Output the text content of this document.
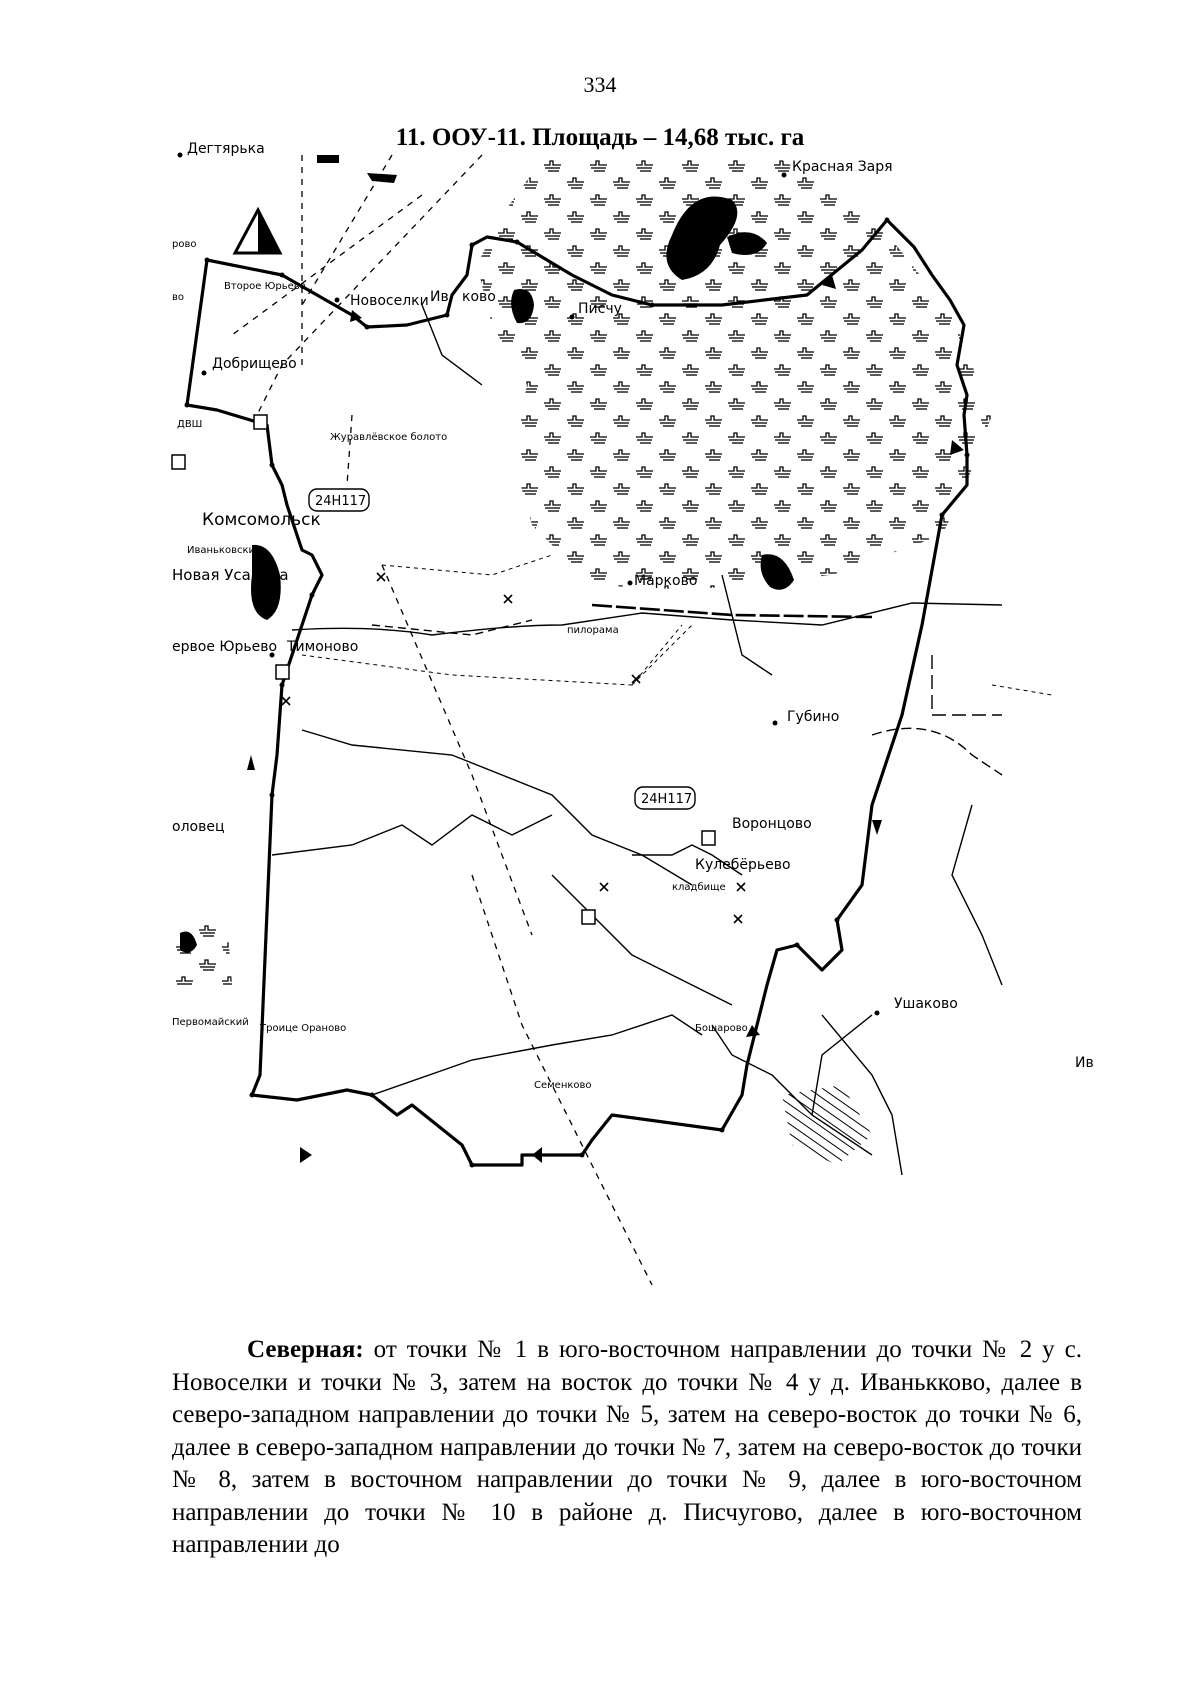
334
11. ООУ-11. Площадь – 14,68 тыс. га
24Н117
24Н117
Дегтярька
Красная Заря
Новоселки Ив ково
Второе Юрьево
Добрищево
Писчу
Журавлёвское болото
Комсомольск
Иваньковские
Новая Усадьба	Марково
пилорама
ервое Юрьево Тимоново
Губино
Воронцово
Кулебёрьево
кладбище
оловец
Ушаково
Ив
Первомайский
Троице Ораново	Бошарово
Семенково
рово
во
ДВШ

Северная: от точки № 1 в юго-восточном направлении до точки № 2 у с. Новоселки и точки № 3, затем на восток до точки № 4 у д. Иванькково, далее в северо-западном направлении до точки № 5, затем на северо-восток до точки № 6, далее в северо-западном направлении до точки № 7, затем на северо-восток до точки № 8, затем в восточном направлении до точки № 9, далее в юго-восточном направлении до точки № 10 в районе д. Писчугово, далее в юго-восточном направлении до
